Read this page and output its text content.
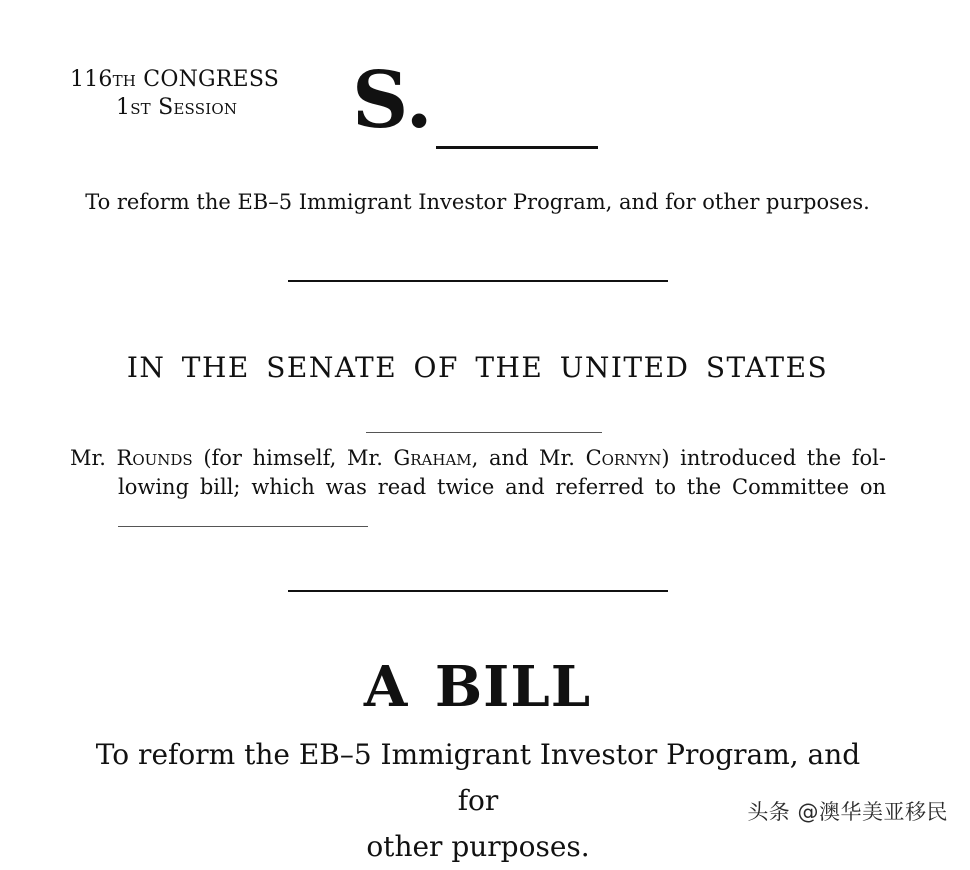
116th CONGRESS
1st Session	S.
To reform the EB–5 Immigrant Investor Program, and for other purposes.
IN THE SENATE OF THE UNITED STATES
Mr. Rounds (for himself, Mr. Graham, and Mr. Cornyn) introduced the fol-
lowing bill; which was read twice and referred to the Committee on
A BILL
To reform the EB–5 Immigrant Investor Program, and for
other purposes.
头条 @澳华美亚移民
